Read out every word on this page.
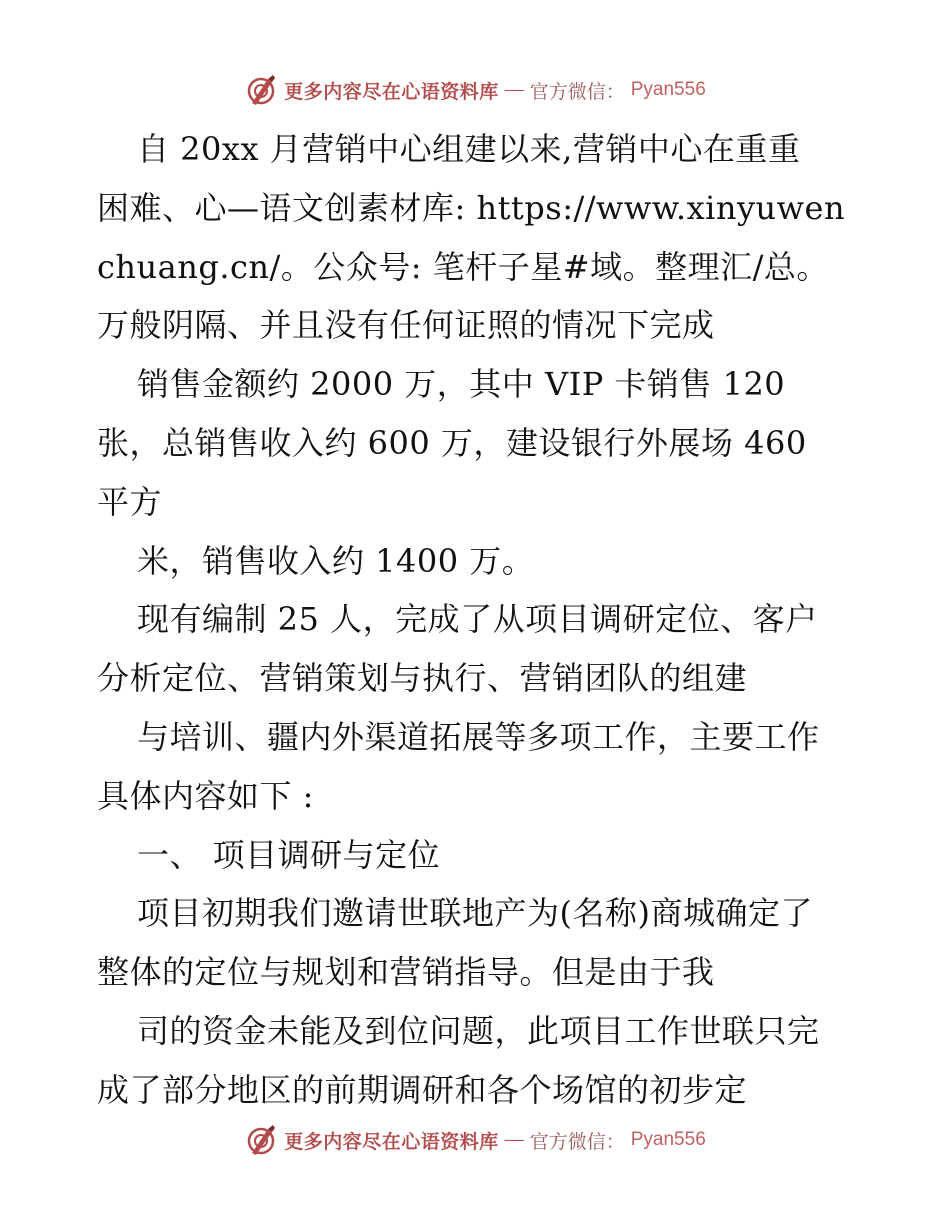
更多内容尽在心语资料库 — 官方微信： Pyan556
自 20xx 月营销中心组建以来,营销中心在重重
困难、心—语文创素材库: https://www.xinyuwen
chuang.cn/。公众号: 笔杆子星#域。整理汇/总。
万般阴隔、并且没有任何证照的情况下完成
销售金额约 2000 万，其中 VIP 卡销售 120
张，总销售收入约 600 万，建设银行外展场 460
平方
米，销售收入约 1400 万。
现有编制 25 人，完成了从项目调研定位、客户
分析定位、营销策划与执行、营销团队的组建
与培训、疆内外渠道拓展等多项工作，主要工作
具体内容如下 :
一、 项目调研与定位
项目初期我们邀请世联地产为(名称)商城确定了
整体的定位与规划和营销指导。但是由于我
司的资金未能及到位问题，此项目工作世联只完
成了部分地区的前期调研和各个场馆的初步定
更多内容尽在心语资料库 — 官方微信： Pyan556
